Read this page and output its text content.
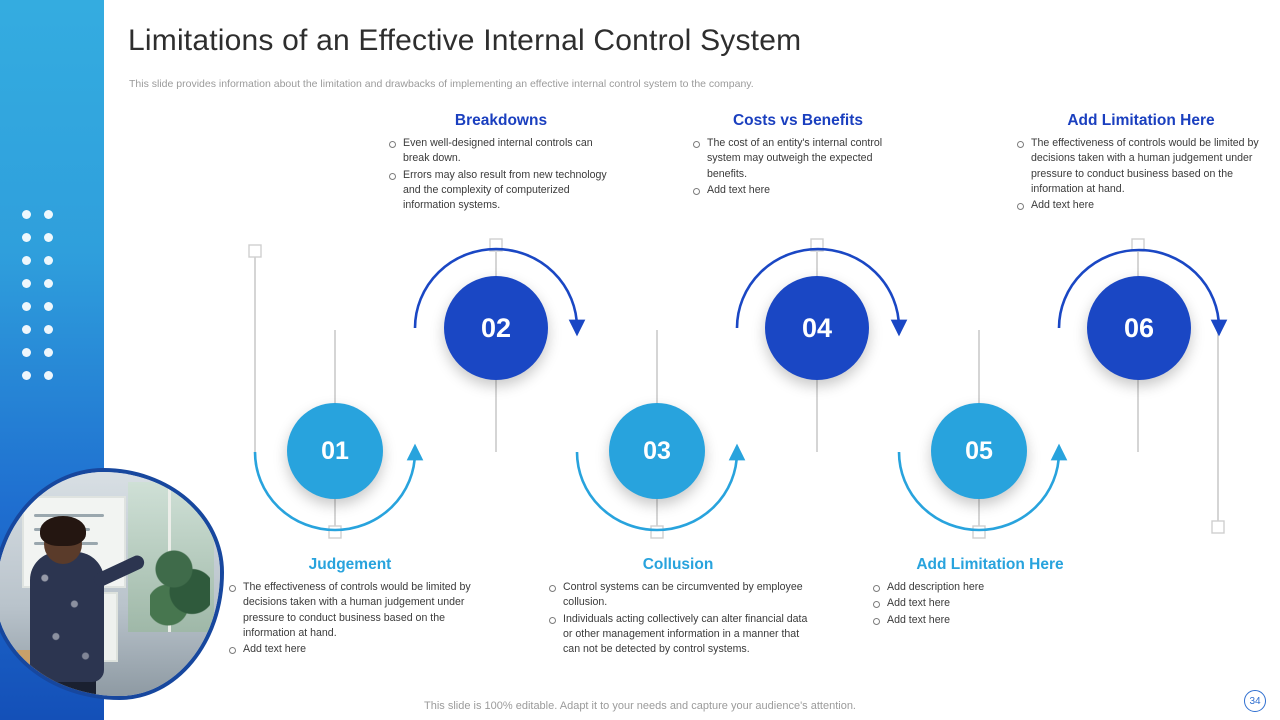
Limitations of an Effective Internal Control System
This slide provides information about the limitation and drawbacks of implementing an effective internal control system to the company.
01
02
03
04
05
06
Breakdowns
Even well-designed internal controls can break down.
Errors may also result from new technology and the complexity of computerized information systems.
Costs vs Benefits
The cost of an entity's internal control system may outweigh the expected benefits.
Add text here
Add Limitation Here
The effectiveness of controls would be limited by decisions taken with a human judgement under pressure to conduct business based on the information at hand.
Add text here
Judgement
The effectiveness of controls would be limited by decisions taken with a human judgement under pressure to conduct business based on the information at hand.
Add text here
Collusion
Control systems can be circumvented by employee collusion.
Individuals acting collectively can alter financial data or other management information in a manner that can not be detected by control systems.
Add Limitation Here
Add description here
Add text here
Add text here
This slide is 100% editable. Adapt it to your needs and capture your audience's attention.	34
